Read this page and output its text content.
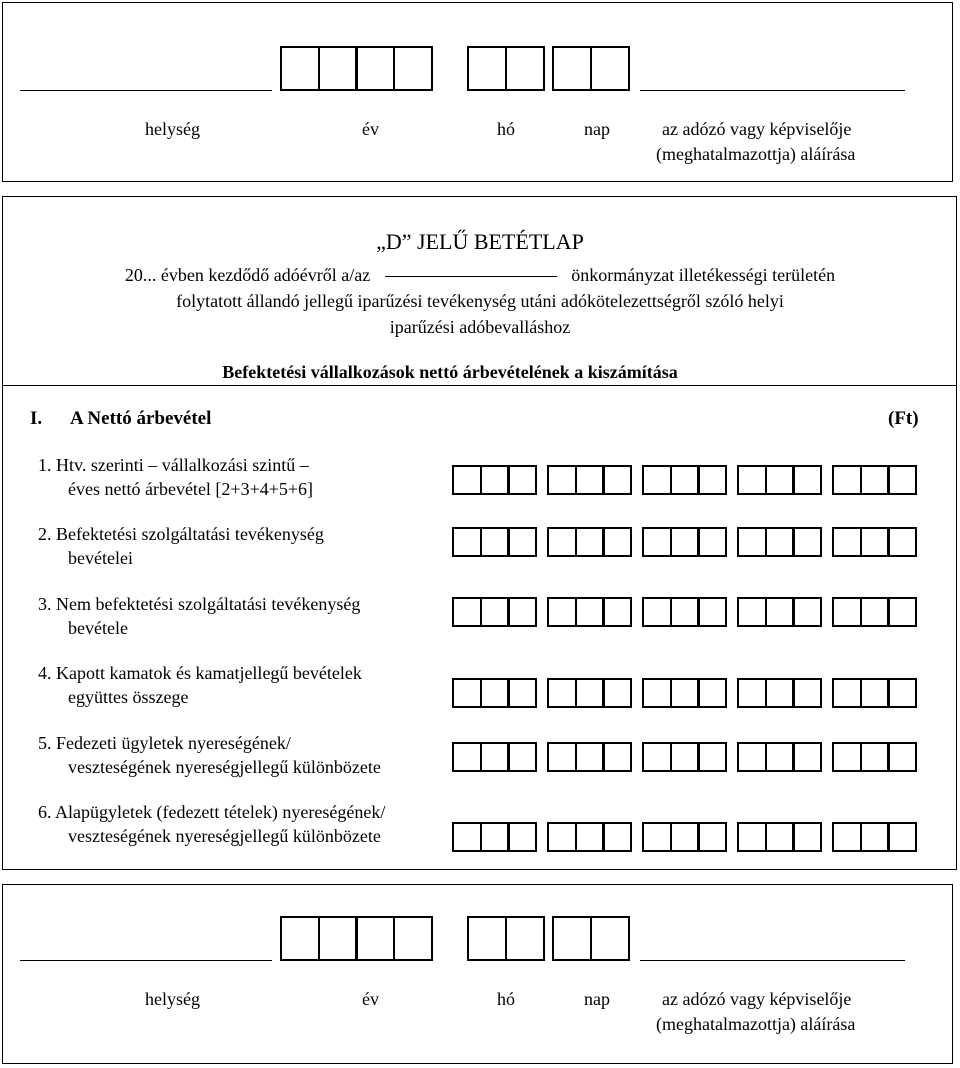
helység	év	hó	nap	az adózó vagy képviselője
(meghatalmazottja) aláírása
„D” JELŰ BETÉTLAP
20... évben kezdődő adóévről a/az	önkormányzat illetékességi területén
folytatott állandó jellegű iparűzési tevékenység utáni adókötelezettségről szóló helyi
iparűzési adóbevalláshoz
Befektetési vállalkozások nettó árbevételének a kiszámítása
I. A Nettó árbevétel	(Ft)
1. Htv. szerinti – vállalkozási szintű –
éves nettó árbevétel [2+3+4+5+6]
2. Befektetési szolgáltatási tevékenység
bevételei
3. Nem befektetési szolgáltatási tevékenység
bevétele
4. Kapott kamatok és kamatjellegű bevételek
együttes összege
5. Fedezeti ügyletek nyereségének/
veszteségének nyereségjellegű különbözete
6. Alapügyletek (fedezett tételek) nyereségének/
veszteségének nyereségjellegű különbözete
helység	év	hó	nap	az adózó vagy képviselője
(meghatalmazottja) aláírása
